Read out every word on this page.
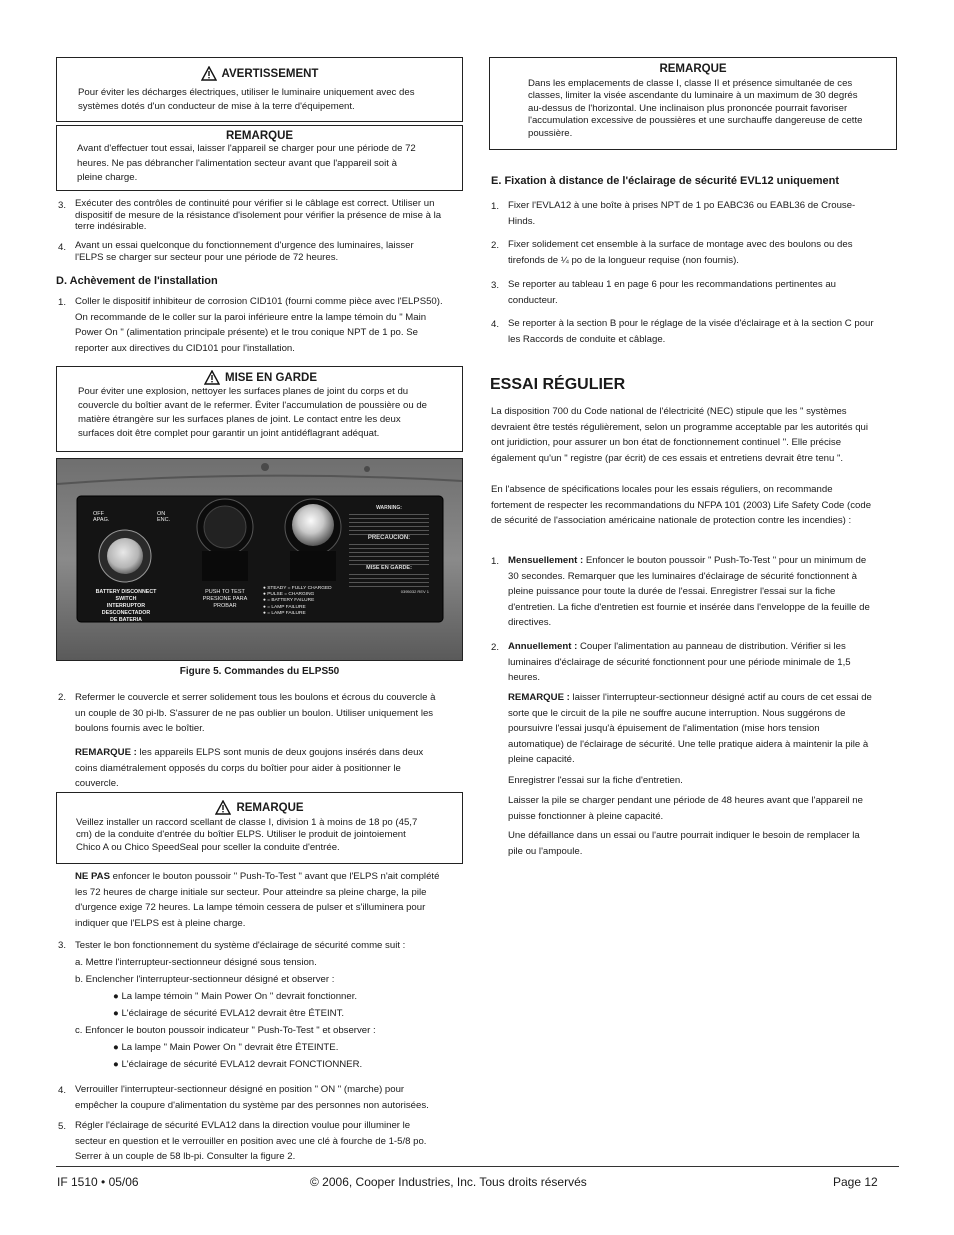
AVERTISSEMENT
Pour éviter les décharges électriques, utiliser le luminaire uniquement avec des systèmes dotés d'un conducteur de mise à la terre d'équipement.
REMARQUE
Avant d'effectuer tout essai, laisser l'appareil se charger pour une période de 72
heures. Ne pas débrancher l'alimentation secteur avant que l'appareil soit à
pleine charge.
3. Exécuter des contrôles de continuité pour vérifier si le câblage est correct. Utiliser un
dispositif de mesure de la résistance d'isolement pour vérifier la présence de mise à la
terre indésirable.
4. Avant un essai quelconque du fonctionnement d'urgence des luminaires, laisser
l'ELPS se charger sur secteur pour une période de 72 heures.
D. Achèvement de l'installation
1. Coller le dispositif inhibiteur de corrosion CID101 (fourni comme pièce avec l'ELPS50).
On recommande de le coller sur la paroi inférieure entre la lampe témoin du " Main
Power On " (alimentation principale présente) et le trou conique NPT de 1 po. Se
reporter aux directives du CID101 pour l'installation.
MISE EN GARDE
Pour éviter une explosion, nettoyer les surfaces planes de joint du corps et du
couvercle du boîtier avant de le refermer. Éviter l'accumulation de poussière ou de
matière étrangère sur les surfaces planes de joint. Le contact entre les deux
surfaces doit être complet pour garantir un joint antidéflagrant adéquat.
OFF
APAG.
ON
ENC.
BATTERY DISCONNECT SWITCH
INTERRUPTOR DESCONECTADOR
DE BATERIA
PUSH TO TEST
PRESIONE PARA
PROBAR
● STEADY = FULLY CHARGED
● PULSE = CHARGING
● = BATTERY FAILURE
● = LAMP FAILURE
● = LAMP FAILURE
WARNING:
PRECAUCION:
MISE EN GARDE:
0395032 REV 1
Figure 5. Commandes du ELPS50
2. Refermer le couvercle et serrer solidement tous les boulons et écrous du couvercle à
un couple de 30 pi-lb. S'assurer de ne pas oublier un boulon. Utiliser uniquement les
boulons fournis avec le boîtier.
REMARQUE : les appareils ELPS sont munis de deux goujons insérés dans deux
coins diamétralement opposés du corps du boîtier pour aider à positionner le
couvercle.
REMARQUE
Veillez installer un raccord scellant de classe I, division 1 à moins de 18 po (45,7
cm) de la conduite d'entrée du boîtier ELPS. Utiliser le produit de jointoiement
Chico A ou Chico SpeedSeal pour sceller la conduite d'entrée.
NE PAS enfoncer le bouton poussoir " Push-To-Test " avant que l'ELPS n'ait complété
les 72 heures de charge initiale sur secteur. Pour atteindre sa pleine charge, la pile
d'urgence exige 72 heures. La lampe témoin cessera de pulser et s'illuminera pour
indiquer que l'ELPS est à pleine charge.
3. Tester le bon fonctionnement du système d'éclairage de sécurité comme suit :
a. Mettre l'interrupteur-sectionneur désigné sous tension.
b. Enclencher l'interrupteur-sectionneur désigné et observer :
● La lampe témoin " Main Power On " devrait fonctionner.
● L'éclairage de sécurité EVLA12 devrait être ÉTEINT.
c. Enfoncer le bouton poussoir indicateur " Push-To-Test " et observer :
● La lampe " Main Power On " devrait être ÉTEINTE.
● L'éclairage de sécurité EVLA12 devrait FONCTIONNER.
4. Verrouiller l'interrupteur-sectionneur désigné en position " ON " (marche) pour
empêcher la coupure d'alimentation du système par des personnes non autorisées.
5. Régler l'éclairage de sécurité EVLA12 dans la direction voulue pour illuminer le
secteur en question et le verrouiller en position avec une clé à fourche de 1-5/8 po.
Serrer à un couple de 58 lb-pi. Consulter la figure 2.
REMARQUE
Dans les emplacements de classe I, classe II et présence simultanée de ces
classes, limiter la visée ascendante du luminaire à un maximum de 30 degrés
au-dessus de l'horizontal. Une inclinaison plus prononcée pourrait favoriser
l'accumulation excessive de poussières et une surchauffe dangereuse de cette
poussière.
E. Fixation à distance de l'éclairage de sécurité EVL12 uniquement
1. Fixer l'EVLA12 à une boîte à prises NPT de 1 po EABC36 ou EABL36 de Crouse-
Hinds.
2. Fixer solidement cet ensemble à la surface de montage avec des boulons ou des
tirefonds de ¼ po de la longueur requise (non fournis).
3. Se reporter au tableau 1 en page 6 pour les recommandations pertinentes au
conducteur.
4. Se reporter à la section B pour le réglage de la visée d'éclairage et à la section C pour
les Raccords de conduite et câblage.
ESSAI RÉGULIER
La disposition 700 du Code national de l'électricité (NEC) stipule que les " systèmes
devraient être testés régulièrement, selon un programme acceptable par les autorités qui
ont juridiction, pour assurer un bon état de fonctionnement continuel ". Elle précise
également qu'un " registre (par écrit) de ces essais et entretiens devrait être tenu ".
En l'absence de spécifications locales pour les essais réguliers, on recommande
fortement de respecter les recommandations du NFPA 101 (2003) Life Safety Code (code
de sécurité de l'association américaine nationale de protection contre les incendies) :
1. Mensuellement : Enfoncer le bouton poussoir " Push-To-Test " pour un minimum de
30 secondes. Remarquer que les luminaires d'éclairage de sécurité fonctionnent à
pleine puissance pour toute la durée de l'essai. Enregistrer l'essai sur la fiche
d'entretien. La fiche d'entretien est fournie et insérée dans l'enveloppe de la feuille de
directives.
2. Annuellement : Couper l'alimentation au panneau de distribution. Vérifier si les
luminaires d'éclairage de sécurité fonctionnent pour une période minimale de 1,5
heures.
REMARQUE : laisser l'interrupteur-sectionneur désigné actif au cours de cet essai de
sorte que le circuit de la pile ne souffre aucune interruption. Nous suggérons de
poursuivre l'essai jusqu'à épuisement de l'alimentation (mise hors tension
automatique) de l'éclairage de sécurité. Une telle pratique aidera à maintenir la pile à
pleine capacité.
Enregistrer l'essai sur la fiche d'entretien.
Laisser la pile se charger pendant une période de 48 heures avant que l'appareil ne
puisse fonctionner à pleine capacité.
Une défaillance dans un essai ou l'autre pourrait indiquer le besoin de remplacer la
pile ou l'ampoule.
IF 1510 • 05/06	© 2006, Cooper Industries, Inc. Tous droits réservés	Page 12
